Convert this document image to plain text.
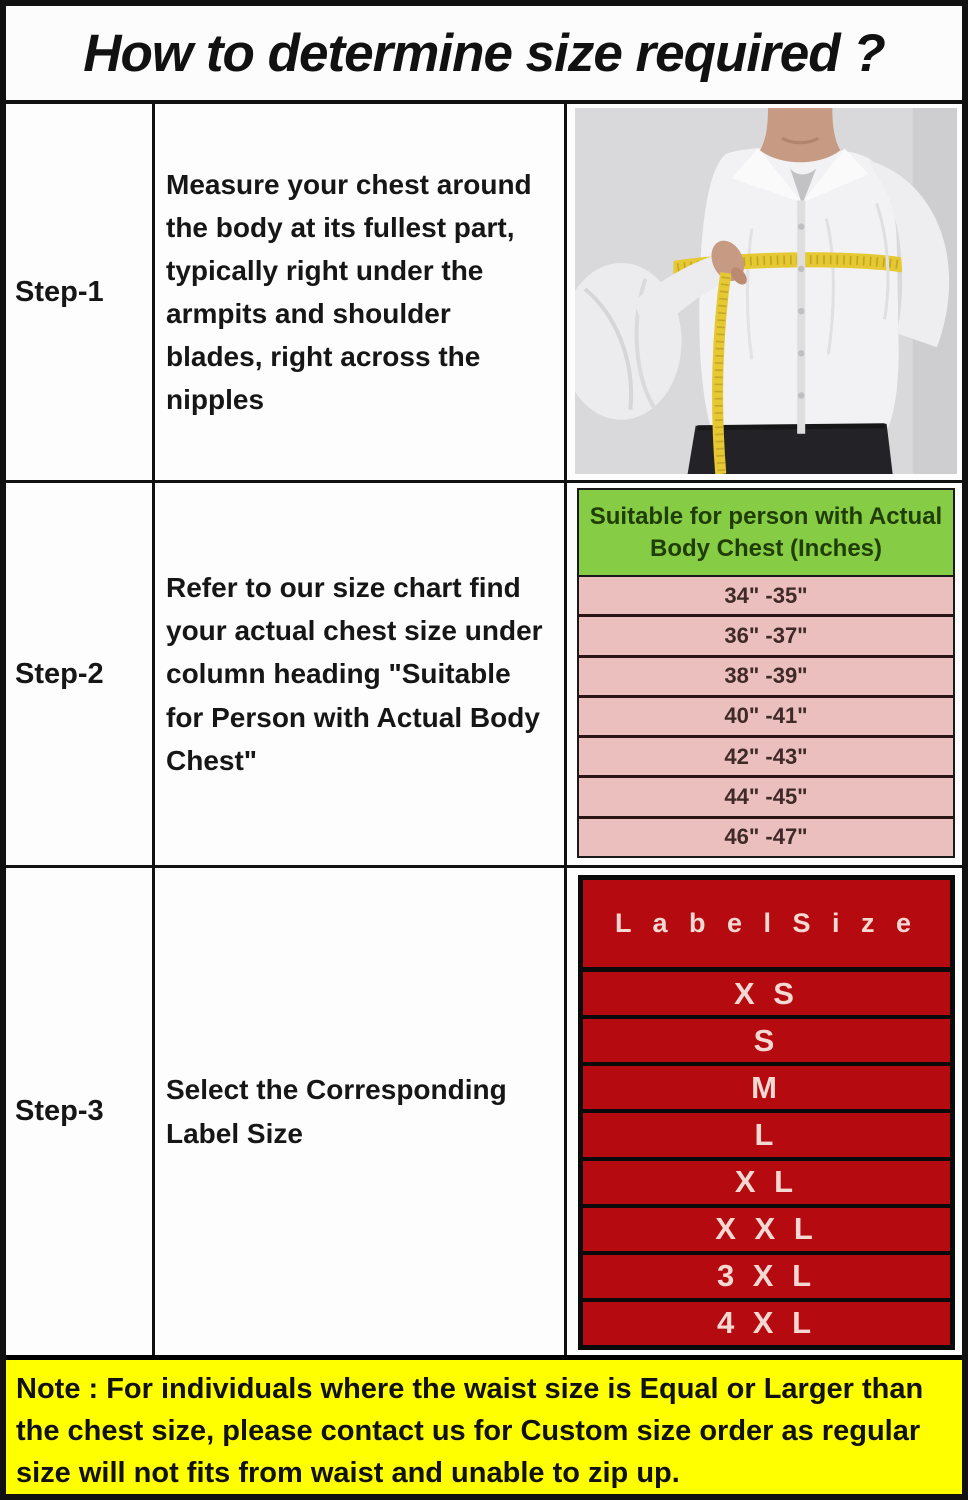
How to determine size required ?
Step-1
Measure your chest around the body at its fullest part, typically right under the armpits and shoulder blades, right across the nipples
Step-2
Refer to our size chart find your actual chest size under column heading "Suitable for Person with Actual Body Chest"
Suitable for person with Actual Body Chest (Inches)
34" -35"
36" -37"
38" -39"
40" -41"
42" -43"
44" -45"
46" -47"
Step-3
Select the Corresponding Label Size
L a b e l S i z e
X S
S
M
L
X L
X X L
3 X L
4 X L
Note : For individuals where the waist size is Equal or Larger than the chest size, please contact us for Custom size order as regular size will not fits from waist and unable to zip up.
